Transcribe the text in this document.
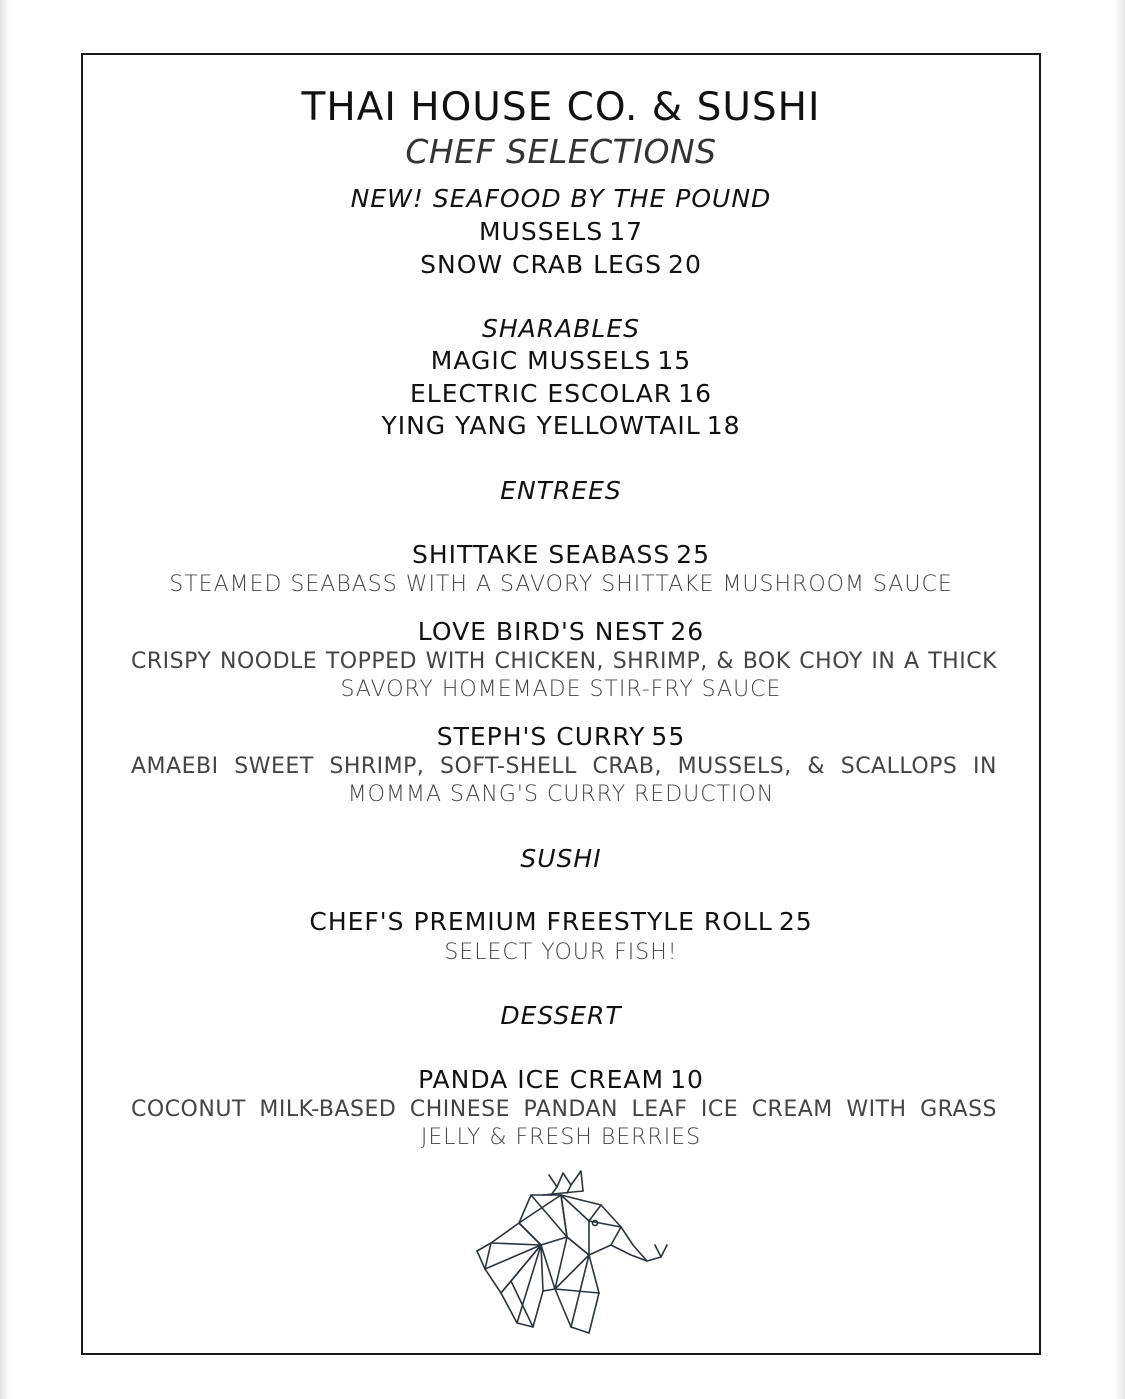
THAI HOUSE CO. & SUSHI
CHEF SELECTIONS
NEW! SEAFOOD BY THE POUND
MUSSELS 17
SNOW CRAB LEGS 20
SHARABLES
MAGIC MUSSELS 15
ELECTRIC ESCOLAR 16
YING YANG YELLOWTAIL 18
ENTREES
SHITTAKE SEABASS 25
STEAMED SEABASS WITH A SAVORY SHITTAKE MUSHROOM SAUCE
LOVE BIRD'S NEST 26
CRISPY NOODLE TOPPED WITH CHICKEN, SHRIMP, & BOK CHOY IN A THICK
SAVORY HOMEMADE STIR-FRY SAUCE
STEPH'S CURRY 55
AMAEBI SWEET SHRIMP, SOFT-SHELL CRAB, MUSSELS, & SCALLOPS IN
MOMMA SANG'S CURRY REDUCTION
SUSHI
CHEF'S PREMIUM FREESTYLE ROLL 25
SELECT YOUR FISH!
DESSERT
PANDA ICE CREAM 10
COCONUT MILK-BASED CHINESE PANDAN LEAF ICE CREAM WITH GRASS
JELLY & FRESH BERRIES
